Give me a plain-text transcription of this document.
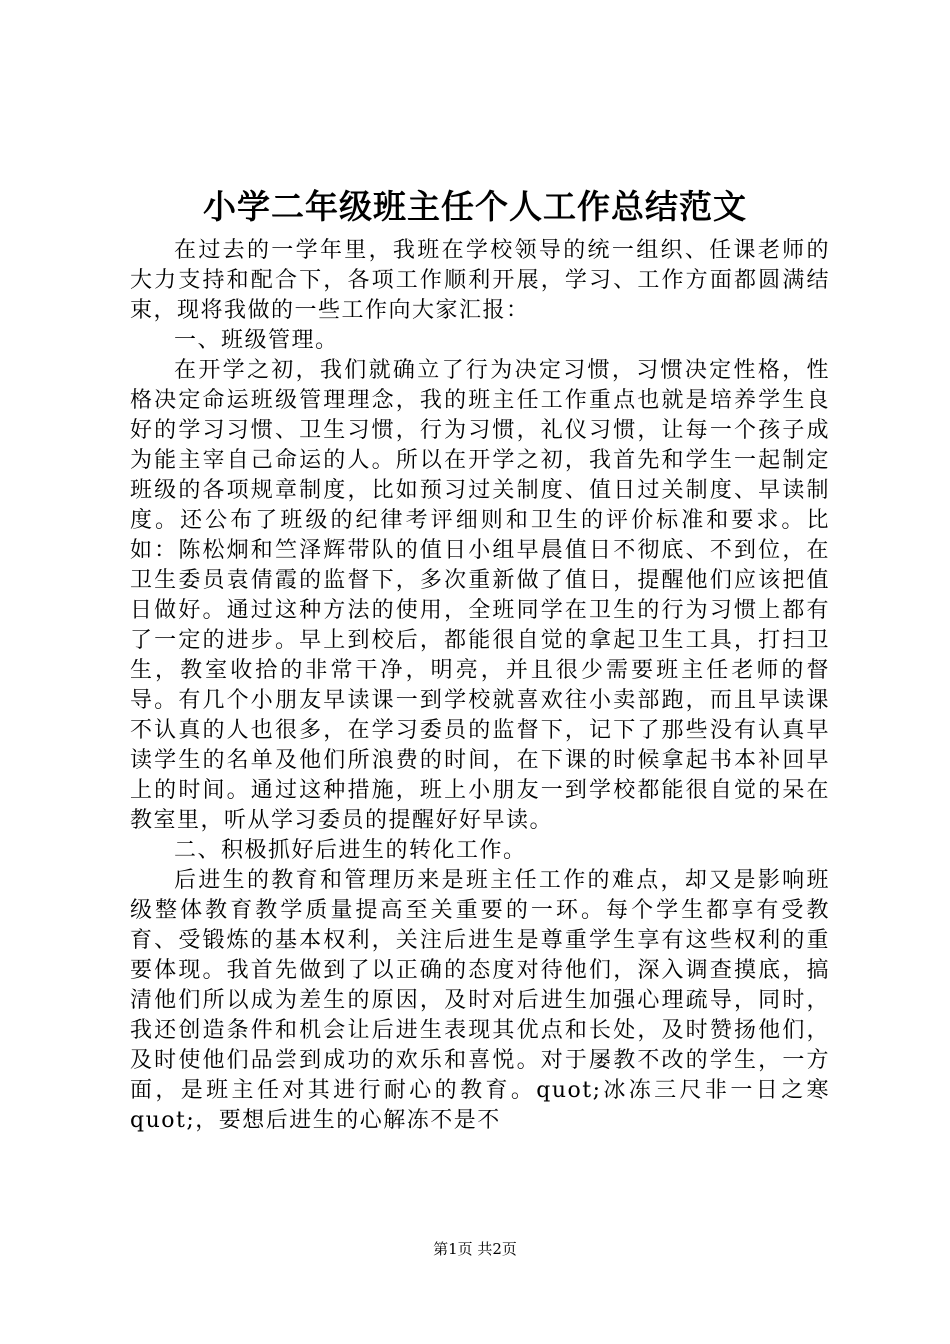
小学二年级班主任个人工作总结范文

在过去的一学年里，我班在学校领导的统一组织、任课老师的大力支持和配合下，各项工作顺利开展，学习、工作方面都圆满结束，现将我做的一些工作向大家汇报：

一、班级管理。

在开学之初，我们就确立了行为决定习惯，习惯决定性格，性格决定命运班级管理理念，我的班主任工作重点也就是培养学生良好的学习习惯、卫生习惯，行为习惯，礼仪习惯，让每一个孩子成为能主宰自己命运的人。所以在开学之初，我首先和学生一起制定班级的各项规章制度，比如预习过关制度、值日过关制度、早读制度。还公布了班级的纪律考评细则和卫生的评价标准和要求。比如：陈松炯和竺泽辉带队的值日小组早晨值日不彻底、不到位，在卫生委员袁倩霞的监督下，多次重新做了值日，提醒他们应该把值日做好。通过这种方法的使用，全班同学在卫生的行为习惯上都有了一定的进步。早上到校后，都能很自觉的拿起卫生工具，打扫卫生，教室收拾的非常干净，明亮，并且很少需要班主任老师的督导。有几个小朋友早读课一到学校就喜欢往小卖部跑，而且早读课不认真的人也很多，在学习委员的监督下，记下了那些没有认真早读学生的名单及他们所浪费的时间，在下课的时候拿起书本补回早上的时间。通过这种措施，班上小朋友一到学校都能很自觉的呆在教室里，听从学习委员的提醒好好早读。

二、积极抓好后进生的转化工作。

后进生的教育和管理历来是班主任工作的难点，却又是影响班级整体教育教学质量提高至关重要的一环。每个学生都享有受教育、受锻炼的基本权利，关注后进生是尊重学生享有这些权利的重要体现。我首先做到了以正确的态度对待他们，深入调查摸底，搞清他们所以成为差生的原因，及时对后进生加强心理疏导，同时，我还创造条件和机会让后进生表现其优点和长处，及时赞扬他们，及时使他们品尝到成功的欢乐和喜悦。对于屡教不改的学生，一方面，是班主任对其进行耐心的教育。quot;冰冻三尺非一日之寒quot;，要想后进生的心解冻不是不

第1页 共2页
